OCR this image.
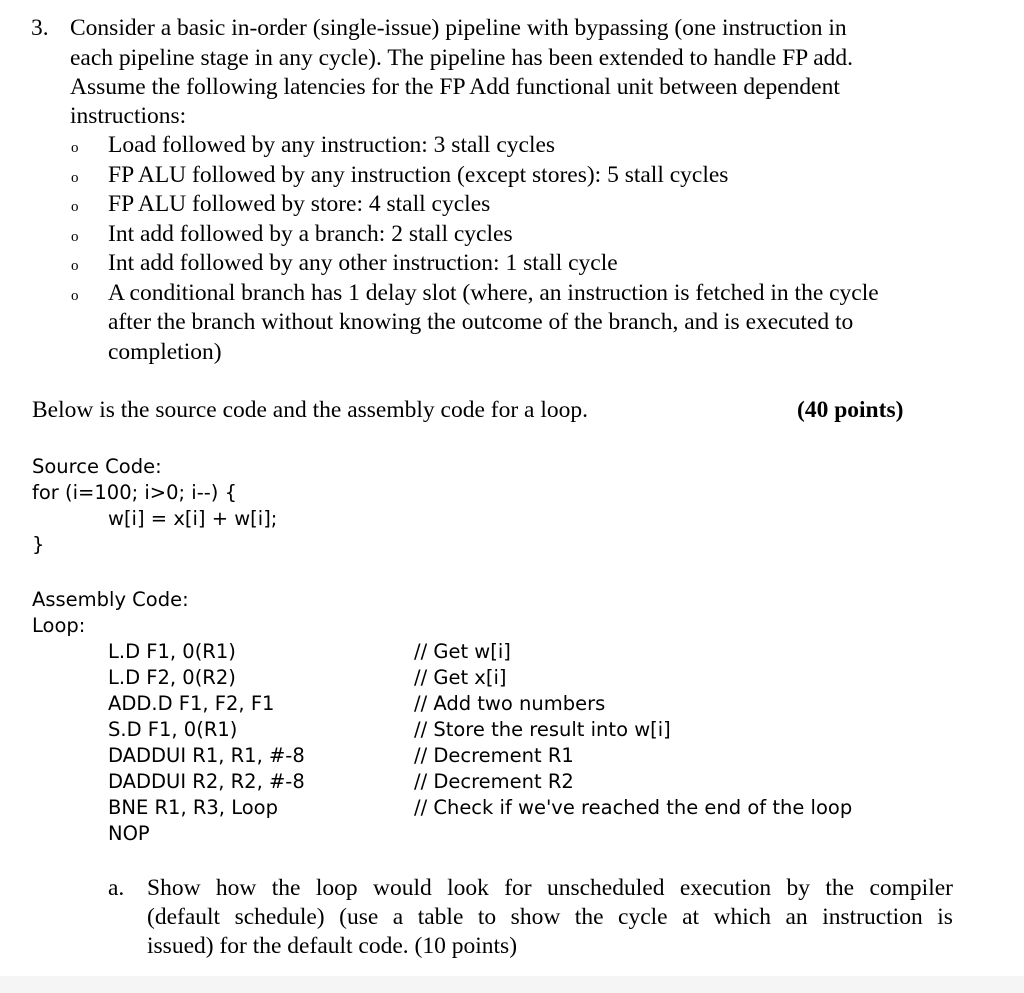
3. Consider a basic in-order (single-issue) pipeline with bypassing (one instruction in
each pipeline stage in any cycle). The pipeline has been extended to handle FP add.
Assume the following latencies for the FP Add functional unit between dependent
instructions:
o Load followed by any instruction: 3 stall cycles
o FP ALU followed by any instruction (except stores): 5 stall cycles
o FP ALU followed by store: 4 stall cycles
o Int add followed by a branch: 2 stall cycles
o Int add followed by any other instruction: 1 stall cycle
o A conditional branch has 1 delay slot (where, an instruction is fetched in the cycle
after the branch without knowing the outcome of the branch, and is executed to
completion)
Below is the source code and the assembly code for a loop.	(40 points)
Source Code:
for (i=100; i>0; i--) {
w[i] = x[i] + w[i];
}
Assembly Code:
Loop:
L.D F1, 0(R1)	// Get w[i]
L.D F2, 0(R2)	// Get x[i]
ADD.D F1, F2, F1	// Add two numbers
S.D F1, 0(R1)	// Store the result into w[i]
DADDUI R1, R1, #-8	// Decrement R1
DADDUI R2, R2, #-8	// Decrement R2
BNE R1, R3, Loop	// Check if we've reached the end of the loop
NOP
a. Show how the loop would look for unscheduled execution by the compiler
(default schedule) (use a table to show the cycle at which an instruction is
issued) for the default code. (10 points)
